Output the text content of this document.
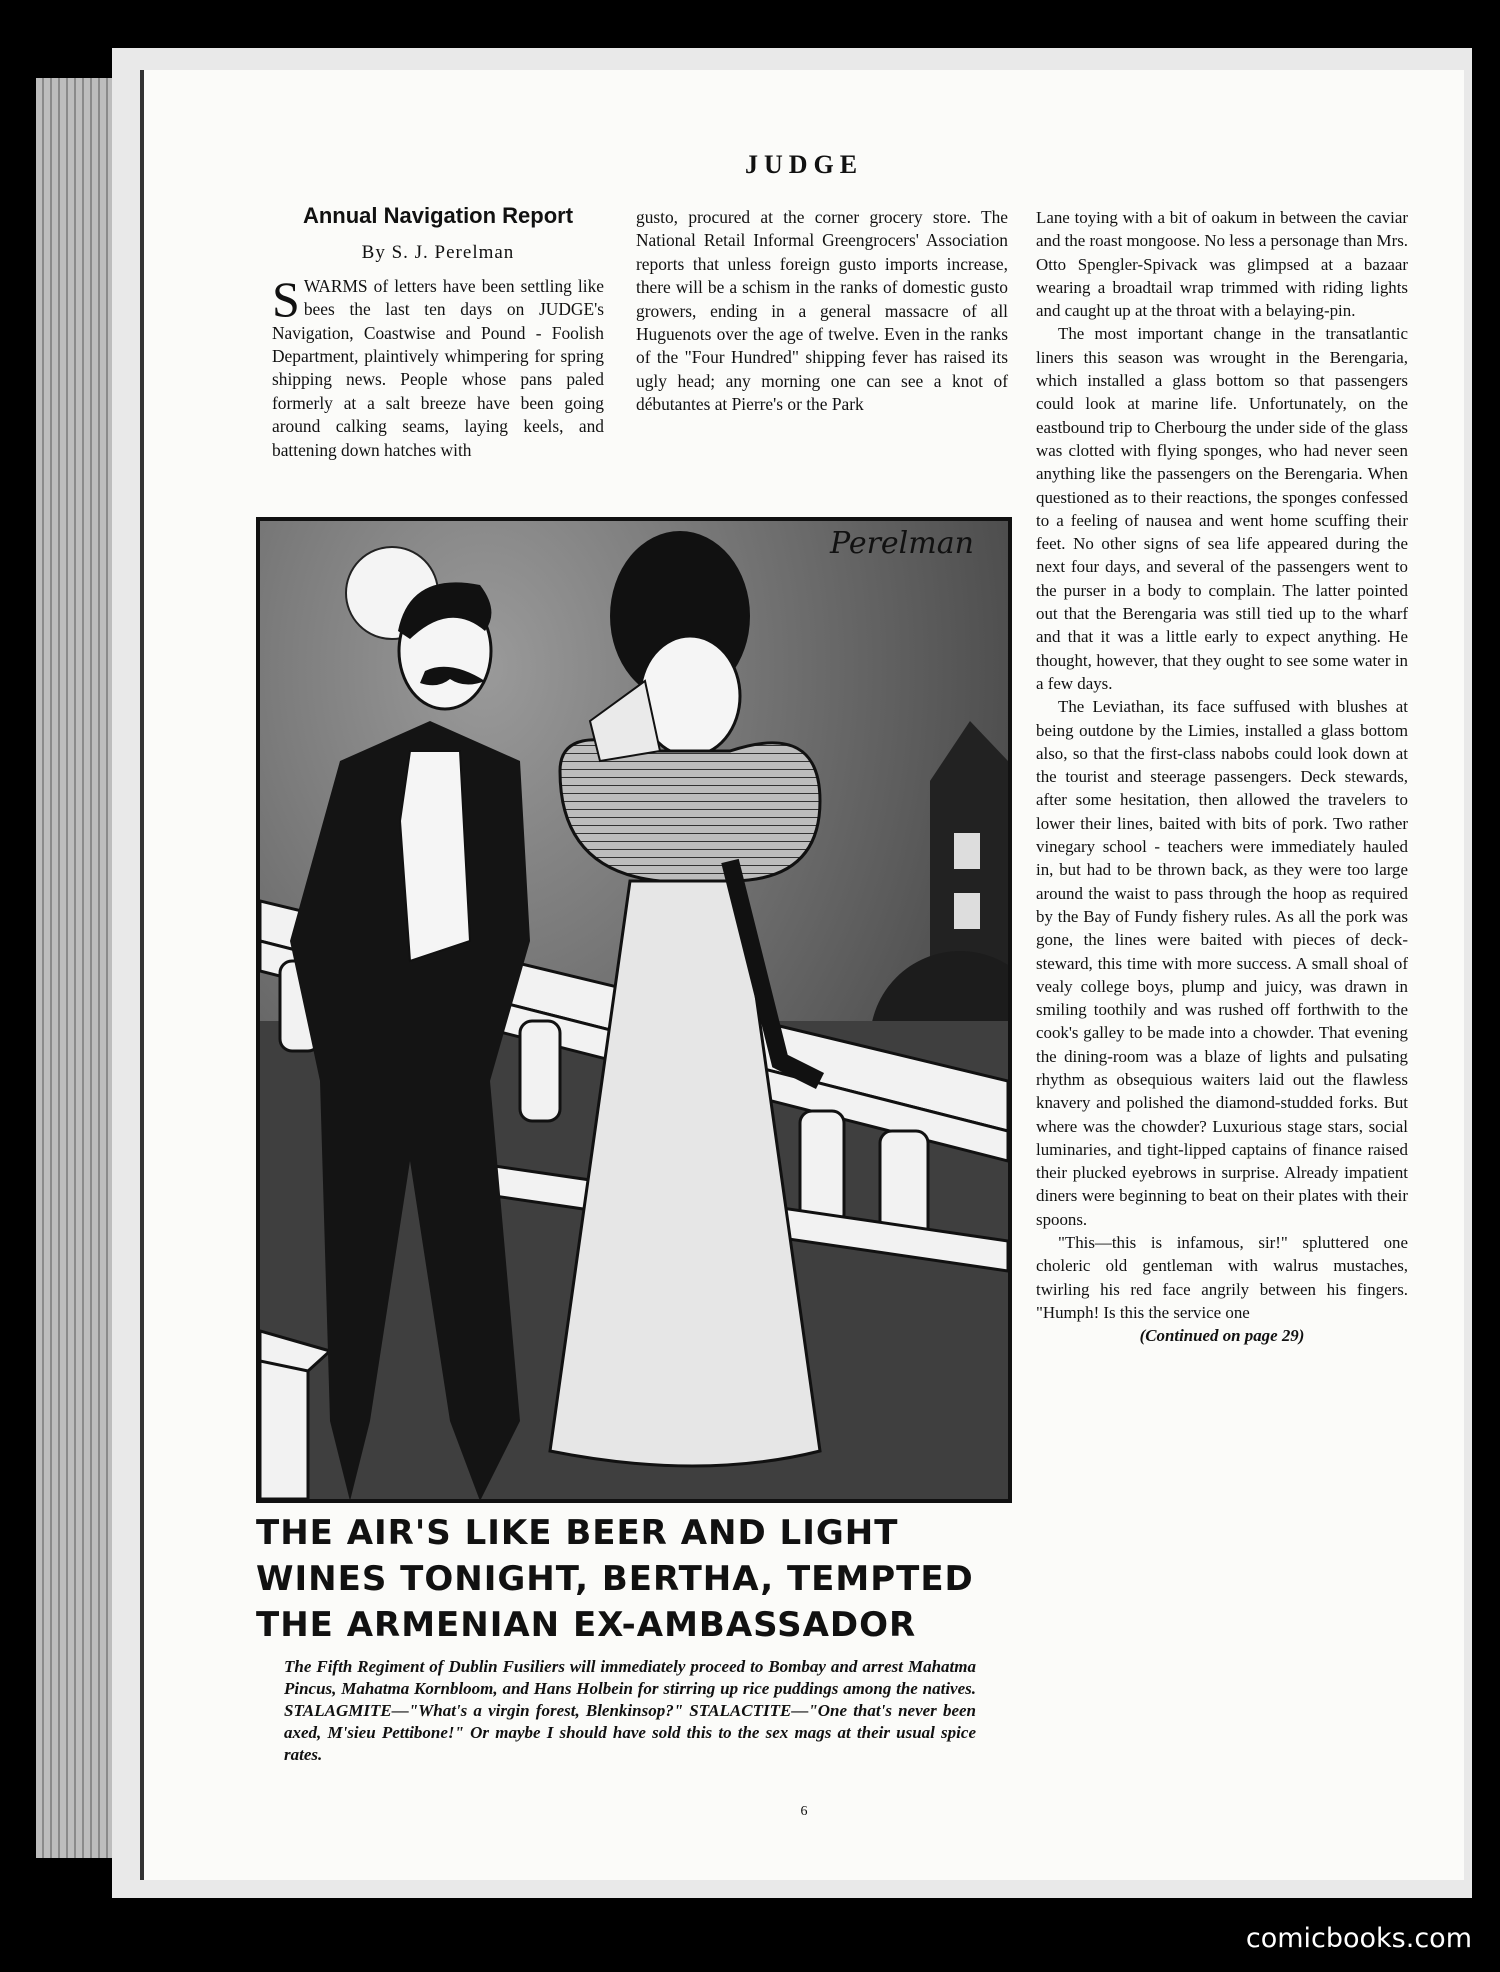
JUDGE
Annual Navigation Report
By S. J. Perelman

SWARMS of letters have been settling like bees the last ten days on JUDGE's Navigation, Coastwise and Pound - Foolish Department, plaintively whimpering for spring shipping news. People whose pans paled formerly at a salt breeze have been going around calking seams, laying keels, and battening down hatches with

gusto, procured at the corner grocery store. The National Retail Informal Greengrocers' Association reports that unless foreign gusto imports increase, there will be a schism in the ranks of domestic gusto growers, ending in a general massacre of all Huguenots over the age of twelve. Even in the ranks of the "Four Hundred" shipping fever has raised its ugly head; any morning one can see a knot of débutantes at Pierre's or the Park

Lane toying with a bit of oakum in between the caviar and the roast mongoose. No less a personage than Mrs. Otto Spengler-Spivack was glimpsed at a bazaar wearing a broadtail wrap trimmed with riding lights and caught up at the throat with a belaying-pin.

The most important change in the transatlantic liners this season was wrought in the Berengaria, which installed a glass bottom so that passengers could look at marine life. Unfortunately, on the eastbound trip to Cherbourg the under side of the glass was clotted with flying sponges, who had never seen anything like the passengers on the Berengaria. When questioned as to their reactions, the sponges confessed to a feeling of nausea and went home scuffing their feet. No other signs of sea life appeared during the next four days, and several of the passengers went to the purser in a body to complain. The latter pointed out that the Berengaria was still tied up to the wharf and that it was a little early to expect anything. He thought, however, that they ought to see some water in a few days.

The Leviathan, its face suffused with blushes at being outdone by the Limies, installed a glass bottom also, so that the first-class nabobs could look down at the tourist and steerage passengers. Deck stewards, after some hesitation, then allowed the travelers to lower their lines, baited with bits of pork. Two rather vinegary school - teachers were immediately hauled in, but had to be thrown back, as they were too large around the waist to pass through the hoop as required by the Bay of Fundy fishery rules. As all the pork was gone, the lines were baited with pieces of deck-steward, this time with more success. A small shoal of vealy college boys, plump and juicy, was drawn in smiling toothily and was rushed off forthwith to the cook's galley to be made into a chowder. That evening the dining-room was a blaze of lights and pulsating rhythm as obsequious waiters laid out the flawless knavery and polished the diamond-studded forks. But where was the chowder? Luxurious stage stars, social luminaries, and tight-lipped captains of finance raised their plucked eyebrows in surprise. Already impatient diners were beginning to beat on their plates with their spoons.

"This—this is infamous, sir!" spluttered one choleric old gentleman with walrus mustaches, twirling his red face angrily between his fingers. "Humph! Is this the service one

(Continued on page 29)
Perelman
THE AIR'S LIKE BEER AND LIGHT
WINES TONIGHT, BERTHA, TEMPTED
THE ARMENIAN EX-AMBASSADOR
The Fifth Regiment of Dublin Fusiliers will immediately proceed to Bombay and arrest Mahatma Pincus, Mahatma Kornbloom, and Hans Holbein for stirring up rice puddings among the natives. STALAGMITE—"What's a virgin forest, Blenkinsop?" STALACTITE—"One that's never been axed, M'sieu Pettibone!" Or maybe I should have sold this to the sex mags at their usual spice rates.
6
comicbooks.com
